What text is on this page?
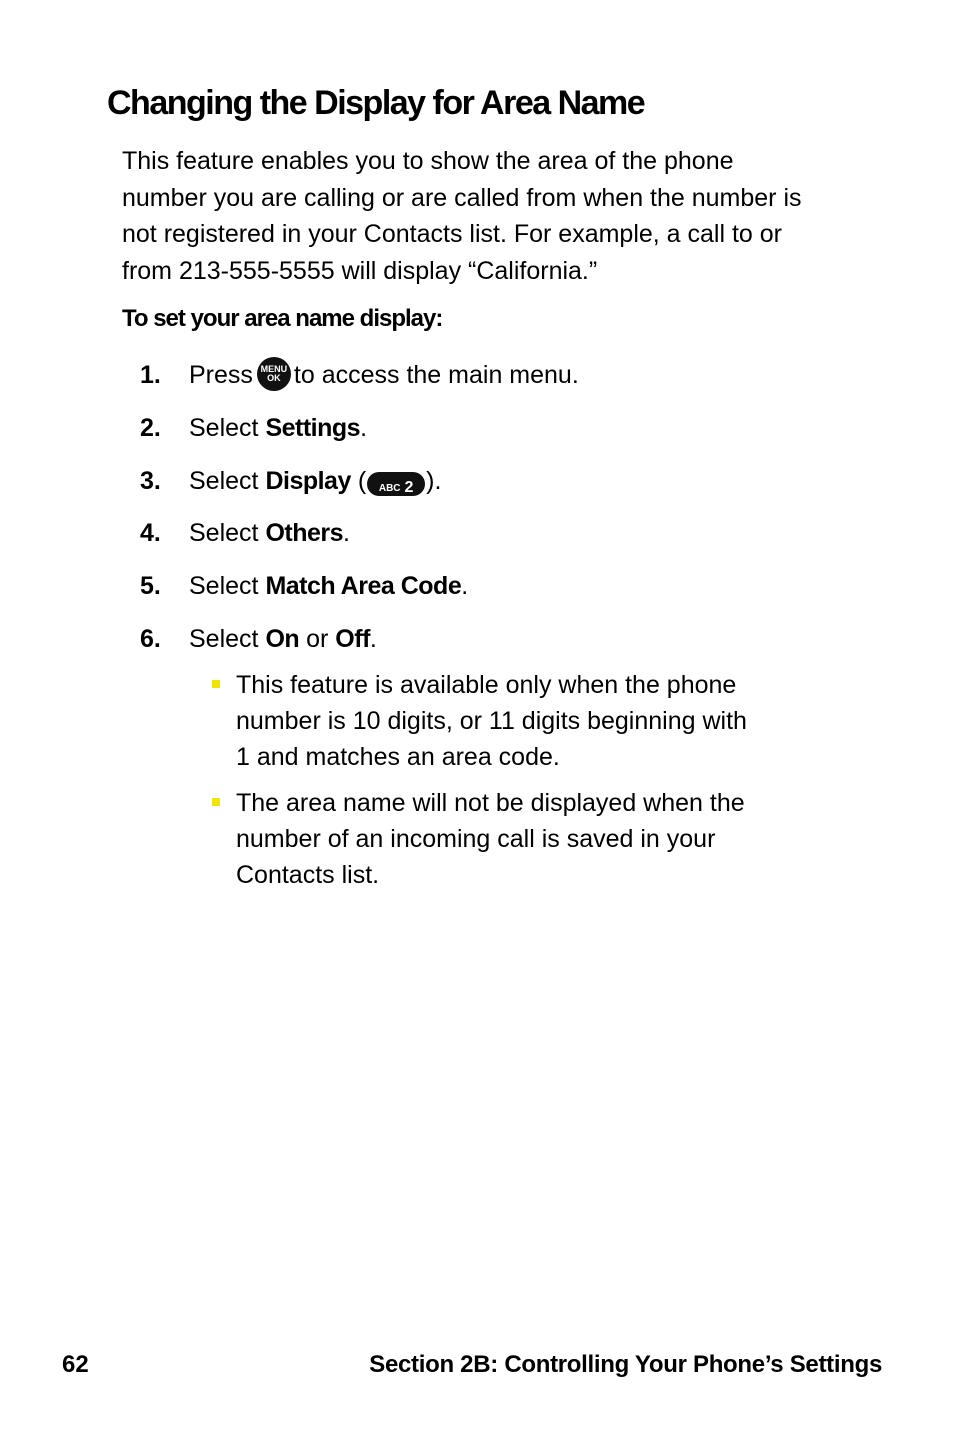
Changing the Display for Area Name

This feature enables you to show the area of the phone
number you are calling or are called from when the number is
not registered in your Contacts list. For example, a call to or
from 213-555-5555 will display “California.”

To set your area name display:

1. Press MENU
OK to access the main menu.
2. Select Settings.
3. Select Display ( ABC 2 ).
4. Select Others.
5. Select Match Area Code.
6. Select On or Off.
This feature is available only when the phone
number is 10 digits, or 11 digits beginning with
1 and matches an area code.
The area name will not be displayed when the
number of an incoming call is saved in your
Contacts list.
62	Section 2B: Controlling Your Phone’s Settings
